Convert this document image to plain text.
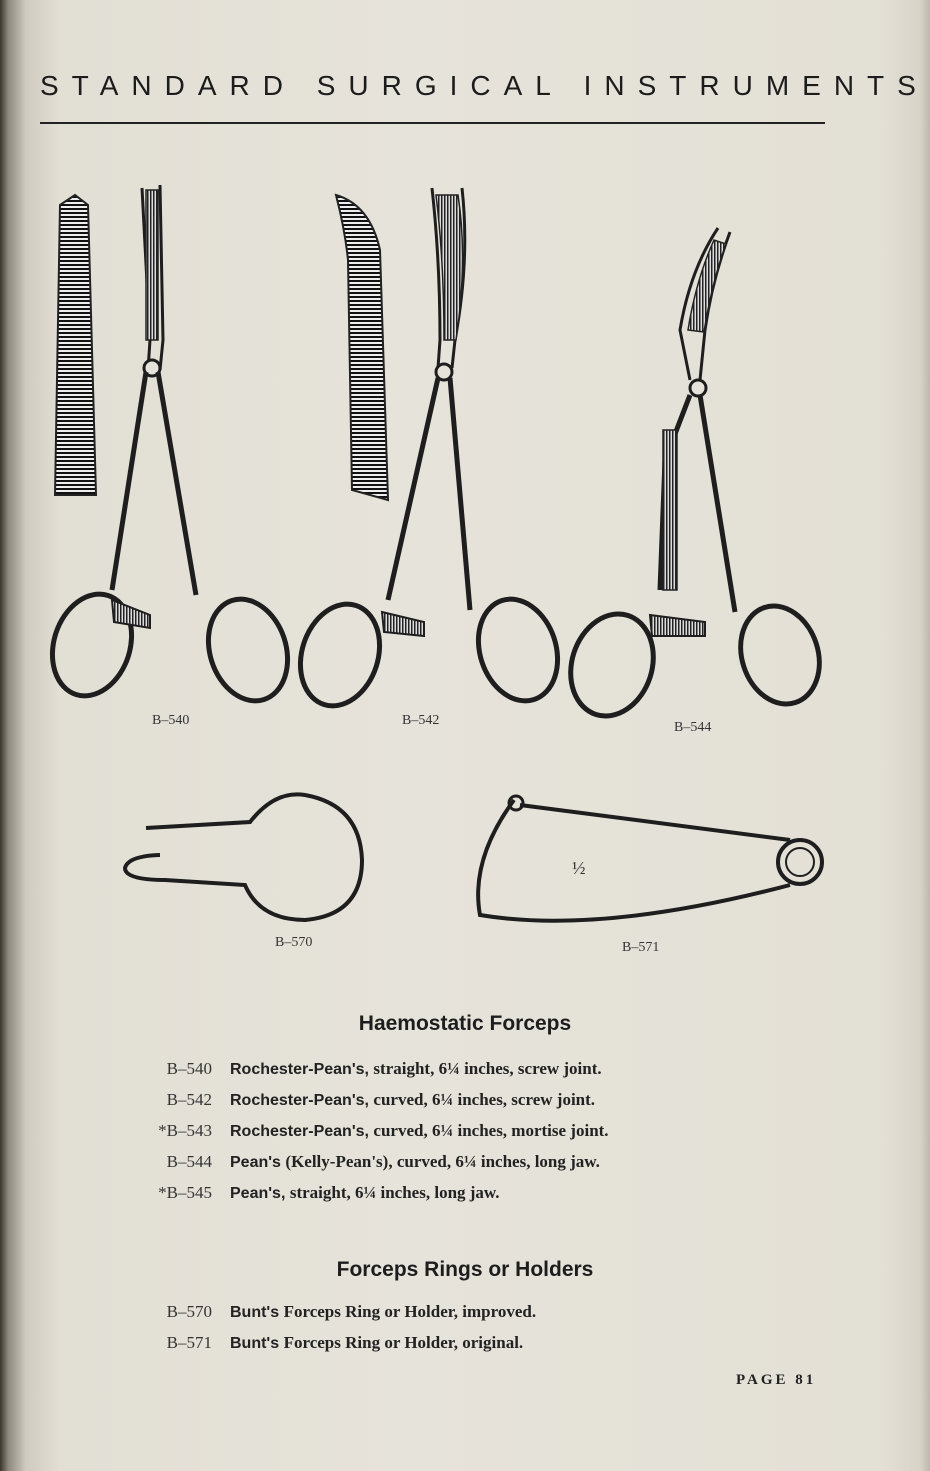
STANDARD SURGICAL INSTRUMENTS
B–540	B–542	B–544
½
B–570	B–571
Haemostatic Forceps
B–540 Rochester-Pean's, straight, 6¼ inches, screw joint.
B–542 Rochester-Pean's, curved, 6¼ inches, screw joint.
*B–543 Rochester-Pean's, curved, 6¼ inches, mortise joint.
B–544 Pean's (Kelly-Pean's), curved, 6¼ inches, long jaw.
*B–545 Pean's, straight, 6¼ inches, long jaw.
Forceps Rings or Holders
B–570 Bunt's Forceps Ring or Holder, improved.
B–571 Bunt's Forceps Ring or Holder, original.
PAGE 81
